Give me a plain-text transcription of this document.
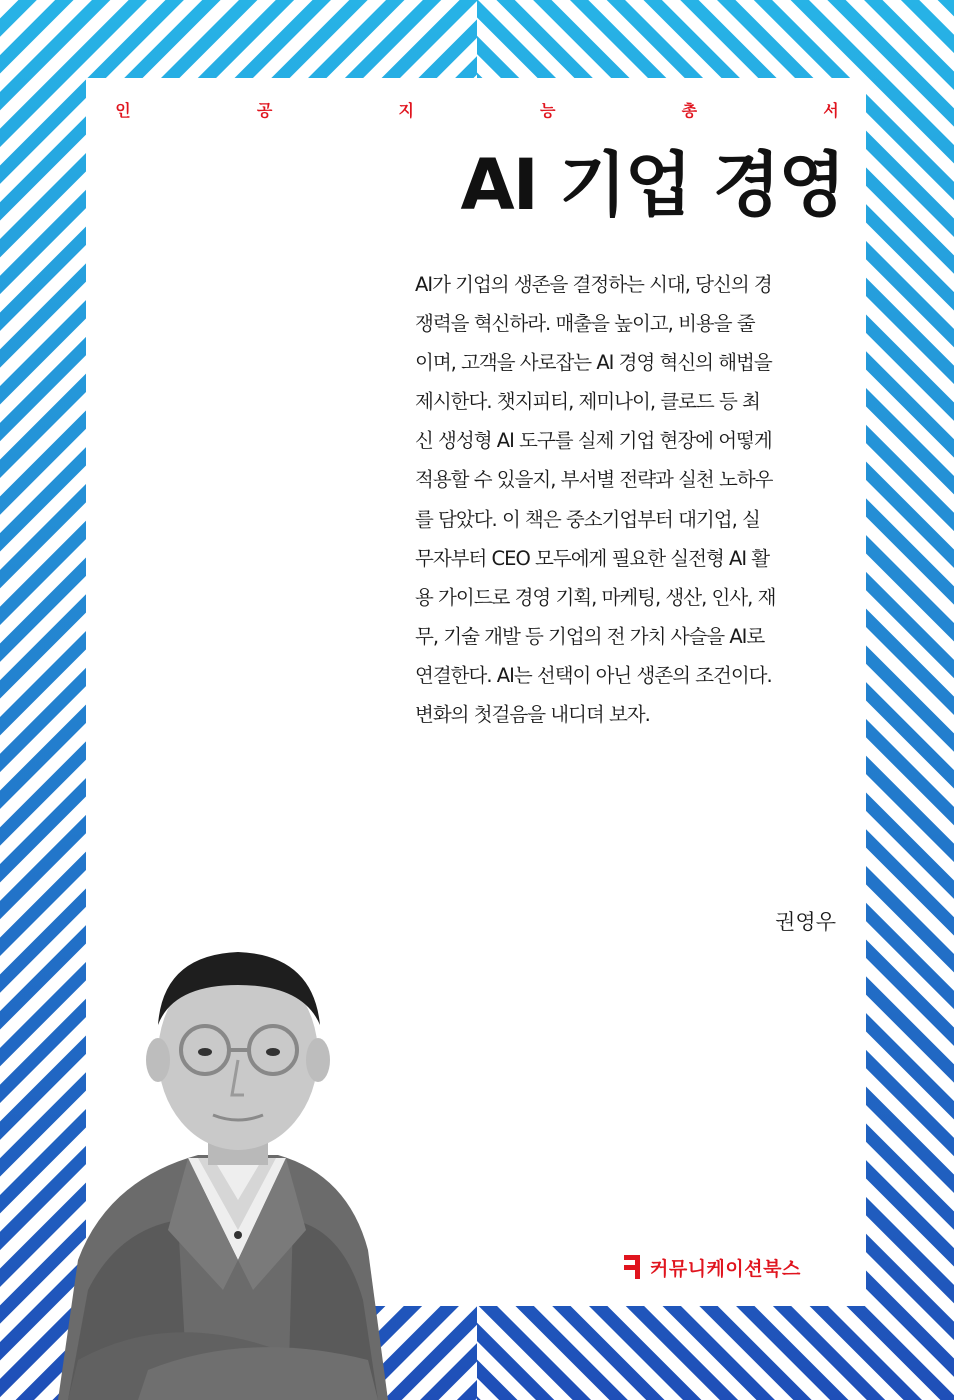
인	공	지	능	총	서
AI 기업 경영
AI가 기업의 생존을 결정하는 시대, 당신의 경
쟁력을 혁신하라. 매출을 높이고, 비용을 줄
이며, 고객을 사로잡는 AI 경영 혁신의 해법을
제시한다. 챗지피티, 제미나이, 클로드 등 최
신 생성형 AI 도구를 실제 기업 현장에 어떻게
적용할 수 있을지, 부서별 전략과 실천 노하우
를 담았다. 이 책은 중소기업부터 대기업, 실
무자부터 CEO 모두에게 필요한 실전형 AI 활
용 가이드로 경영 기획, 마케팅, 생산, 인사, 재
무, 기술 개발 등 기업의 전 가치 사슬을 AI로
연결한다. AI는 선택이 아닌 생존의 조건이다.
변화의 첫걸음을 내디뎌 보자.
권영우
커뮤니케이션북스
